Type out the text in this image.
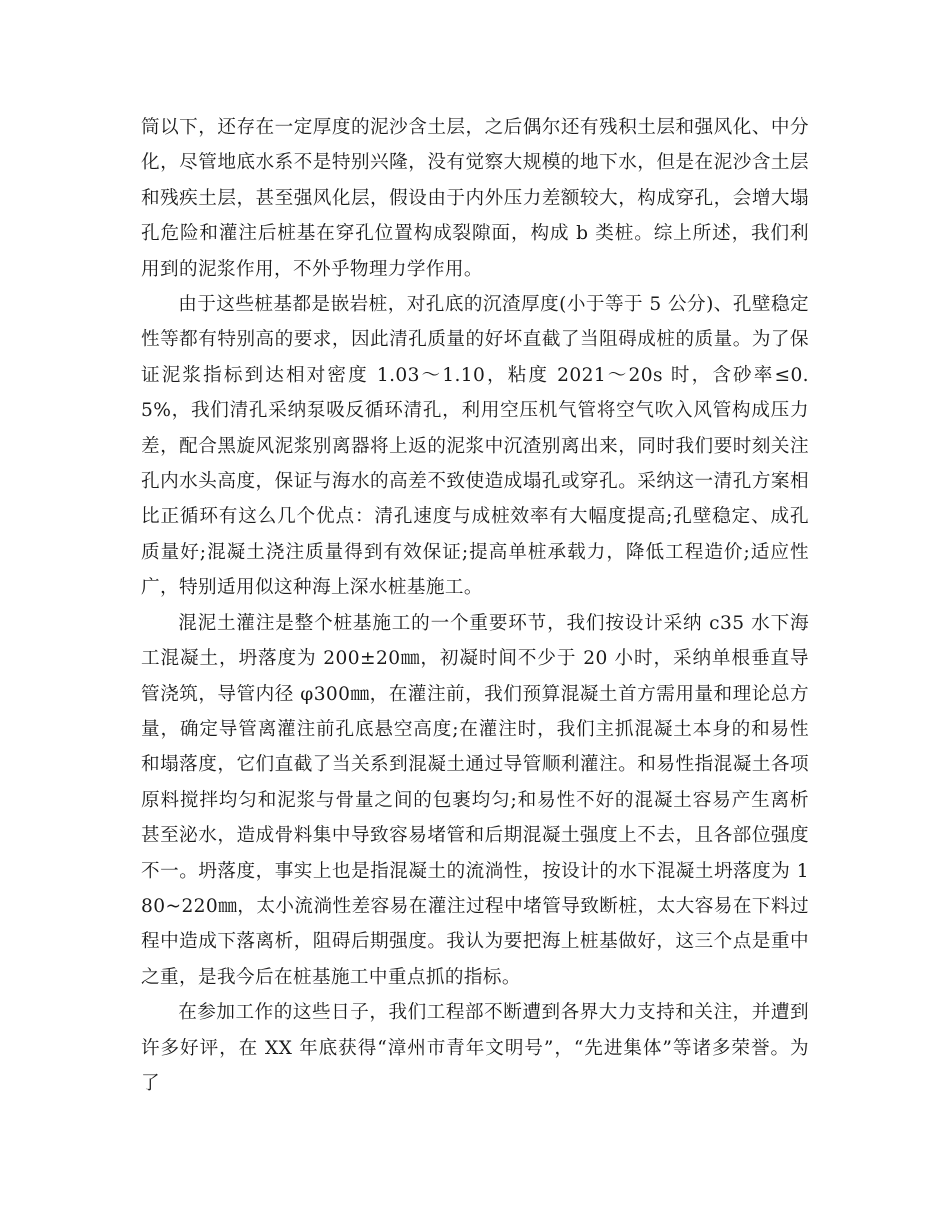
筒以下，还存在一定厚度的泥沙含土层，之后偶尔还有残积土层和强风化、中分化，尽管地底水系不是特别兴隆，没有觉察大规模的地下水，但是在泥沙含土层和残疾土层，甚至强风化层，假设由于内外压力差额较大，构成穿孔，会增大塌孔危险和灌注后桩基在穿孔位置构成裂隙面，构成 b 类桩。综上所述，我们利用到的泥浆作用，不外乎物理力学作用。

由于这些桩基都是嵌岩桩，对孔底的沉渣厚度(小于等于 5 公分)、孔壁稳定性等都有特别高的要求，因此清孔质量的好坏直截了当阻碍成桩的质量。为了保证泥浆指标到达相对密度 1.03～1.10，粘度 2021～20s 时，含砂率≤0.5%，我们清孔采纳泵吸反循环清孔，利用空压机气管将空气吹入风管构成压力差，配合黑旋风泥浆别离器将上返的泥浆中沉渣别离出来，同时我们要时刻关注孔内水头高度，保证与海水的高差不致使造成塌孔或穿孔。采纳这一清孔方案相比正循环有这么几个优点：清孔速度与成桩效率有大幅度提高;孔壁稳定、成孔质量好;混凝土浇注质量得到有效保证;提高单桩承载力，降低工程造价;适应性广，特别适用似这种海上深水桩基施工。

混泥土灌注是整个桩基施工的一个重要环节，我们按设计采纳 c35 水下海工混凝土，坍落度为 200±20㎜，初凝时间不少于 20 小时，采纳单根垂直导管浇筑，导管内径 φ300㎜，在灌注前，我们预算混凝土首方需用量和理论总方量，确定导管离灌注前孔底悬空高度;在灌注时，我们主抓混凝土本身的和易性和塌落度，它们直截了当关系到混凝土通过导管顺利灌注。和易性指混凝土各项原料搅拌均匀和泥浆与骨量之间的包裹均匀;和易性不好的混凝土容易产生离析甚至泌水，造成骨料集中导致容易堵管和后期混凝土强度上不去，且各部位强度不一。坍落度，事实上也是指混凝土的流淌性，按设计的水下混凝土坍落度为 180~220㎜，太小流淌性差容易在灌注过程中堵管导致断桩，太大容易在下料过程中造成下落离析，阻碍后期强度。我认为要把海上桩基做好，这三个点是重中之重，是我今后在桩基施工中重点抓的指标。

在参加工作的这些日子，我们工程部不断遭到各界大力支持和关注，并遭到许多好评，在 XX 年底获得“漳州市青年文明号”，“先进集体”等诸多荣誉。为了
